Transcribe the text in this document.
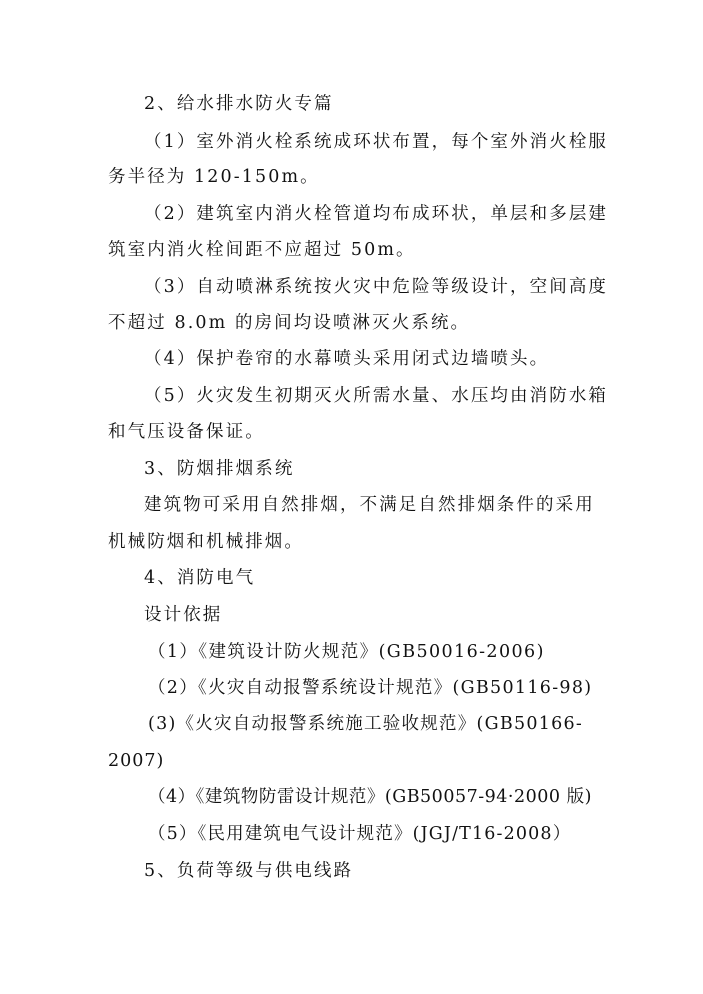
2、给水排水防火专篇
（1）室外消火栓系统成环状布置，每个室外消火栓服
务半径为 120-150m。
（2）建筑室内消火栓管道均布成环状，单层和多层建
筑室内消火栓间距不应超过 50m。
（3）自动喷淋系统按火灾中危险等级设计，空间高度
不超过 8.0m 的房间均设喷淋灭火系统。
（4）保护卷帘的水幕喷头采用闭式边墙喷头。
（5）火灾发生初期灭火所需水量、水压均由消防水箱
和气压设备保证。
3、防烟排烟系统
建筑物可采用自然排烟，不满足自然排烟条件的采用
机械防烟和机械排烟。
4、消防电气
设计依据
（1）《建筑设计防火规范》(GB50016-2006)
（2）《火灾自动报警系统设计规范》(GB50116-98)
(3)《火灾自动报警系统施工验收规范》(GB50166-
2007)
（4）《建筑物防雷设计规范》(GB50057-94·2000 版)
（5）《民用建筑电气设计规范》(JGJ/T16-2008）
5、负荷等级与供电线路
